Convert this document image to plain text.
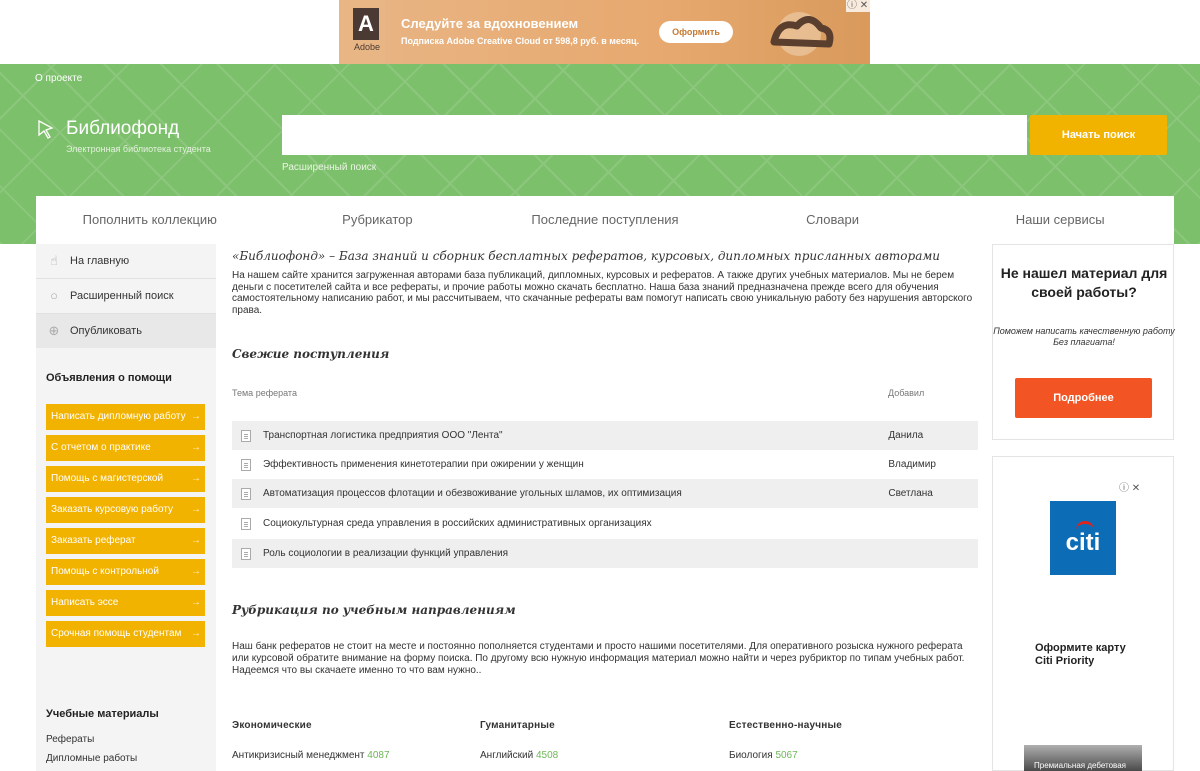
A
Adobe
Следуйте за вдохновением
Подписка Adobe Creative Cloud от 598,8 руб. в месяц.
Оформить
ⓘ ✕
О проекте
Библиофонд
Электронная библиотека студента
Начать поиск
Расширенный поиск
Пополнить коллекцию	Рубрикатор	Последние поступления	Словари	Наши сервисы
☝	На главную
○	Расширенный поиск
⊕ Опубликовать
Объявления о помощи
Написать дипломную работу →
С отчетом о практике	→
Помощь с магистерской	→
Заказать курсовую работу →
Заказать реферат	→
Помощь с контрольной	→
Написать эссе	→
Срочная помощь студентам →
Учебные материалы
Рефераты
Дипломные работы
«Библиофонд» – База знаний и сборник бесплатных рефератов, курсовых, дипломных присланных авторами
На нашем сайте хранится загруженная авторами база публикаций, дипломных, курсовых и рефератов. А также других учебных материалов. Мы не берем деньги с посетителей сайта и все рефераты, и прочие работы можно скачать бесплатно. Наша база знаний предназначена прежде всего для обучения самостоятельному написанию работ, и мы рассчитываем, что скачанные рефераты вам помогут написать свою уникальную работу без нарушения авторского права.
Свежие поступления
Тема реферата	Добавил
Транспортная логистика предприятия ООО "Лента"	Данила
Эффективность применения кинетотерапии при ожирении у женщин	Владимир
Автоматизация процессов флотации и обезвоживание угольных шламов, их оптимизация	Светлана
Социокультурная среда управления в российских административных организациях
Роль социологии в реализации функций управления
Рубрикация по учебным направлениям
Наш банк рефератов не стоит на месте и постоянно пополняется студентами и просто нашими посетителями. Для оперативного розыска нужного реферата или курсовой обратите внимание на форму поиска. По другому всю нужную информация материал можно найти и через рубриктор по типам учебных работ. Надеемся что вы скачаете именно то что вам нужно..
Экономические	Гуманитарные	Естественно-научные
Антикризисный менеджмент 4087	Английский 4508	Биология 5067
Не нашел материал для своей работы?
Поможем написать качественную работу
Без плагиата!
Подробнее
ⓘ ✕
citi
Оформите карту Citi Priority
Премиальная дебетовая
